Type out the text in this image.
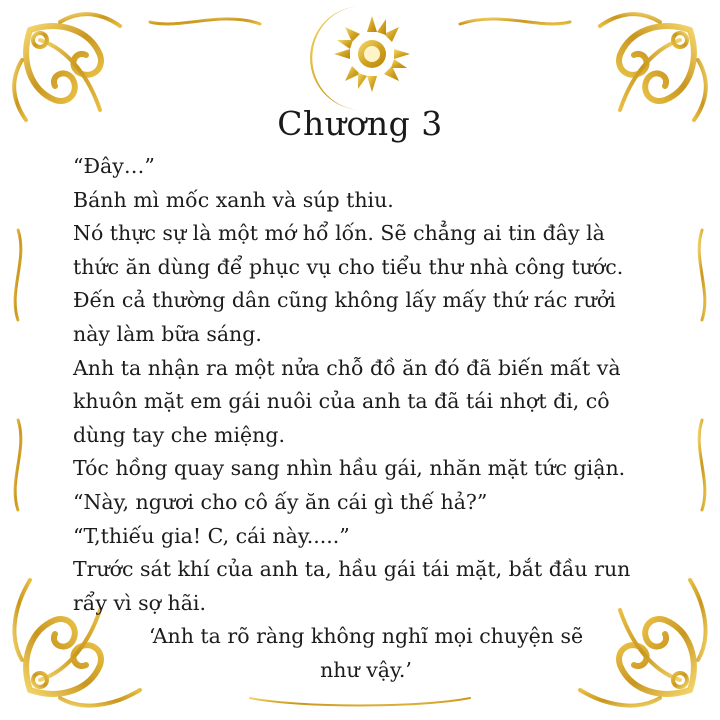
Chương 3
“Đây…”
Bánh mì mốc xanh và súp thiu.
Nó thực sự là một mớ hổ lốn. Sẽ chẳng ai tin đây là
thức ăn dùng để phục vụ cho tiểu thư nhà công tước.
Đến cả thường dân cũng không lấy mấy thứ rác rưởi
này làm bữa sáng.
Anh ta nhận ra một nửa chỗ đồ ăn đó đã biến mất và
khuôn mặt em gái nuôi của anh ta đã tái nhợt đi, cô
dùng tay che miệng.
Tóc hồng quay sang nhìn hầu gái, nhăn mặt tức giận.
“Này, ngươi cho cô ấy ăn cái gì thế hả?”
“T,thiếu gia! C, cái này.....”
Trước sát khí của anh ta, hầu gái tái mặt, bắt đầu run
rẩy vì sợ hãi.
‘Anh ta rõ ràng không nghĩ mọi chuyện sẽ
như vậy.’
